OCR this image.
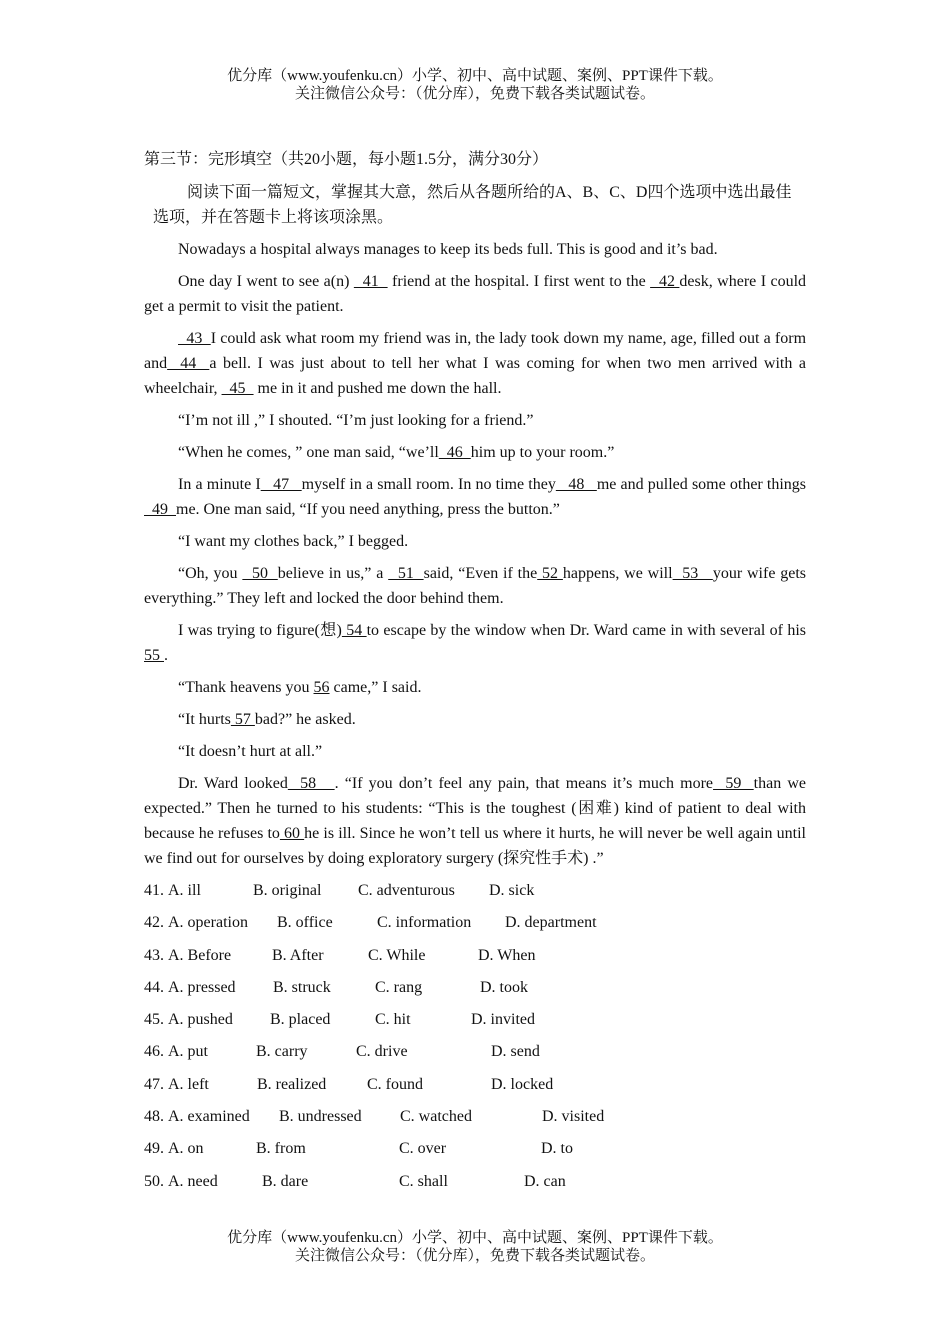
优分库（www.youfenku.cn）小学、初中、高中试题、案例、PPT课件下载。
关注微信公众号：（优分库），免费下载各类试题试卷。
第三节：完形填空（共20小题，每小题1.5分，满分30分）
阅读下面一篇短文，掌握其大意，然后从各题所给的A、B、C、D四个选项中选出最佳选项，并在答题卡上将该项涂黑。

Nowadays a hospital always manages to keep its beds full. This is good and it’s bad.

One day I went to see a(n)   41   friend at the hospital. I first went to the   42 desk, where I could get a permit to visit the patient.

43  I could ask what room my friend was in, the lady took down my name, age, filled out a form and  44  a bell. I was just about to tell her what I was coming for when two men arrived with a wheelchair,   45   me in it and pushed me down the hall.

“I’m not ill ,” I shouted. “I’m just looking for a friend.”

“When he comes, ” one man said, “we’ll  46  him up to your room.”

In a minute I   47   myself in a small room. In no time they   48   me and pulled some other things  49  me. One man said, “If you need anything, press the button.”

“I want my clothes back,” I begged.

“Oh, you   50  believe in us,” a   51  said, “Even if the 52 happens, we will  53   your wife gets everything.” They left and locked the door behind them.

I was trying to figure(想) 54 to escape by the window when Dr. Ward came in with several of his 55 .

“Thank heavens you 56 came,” I said.

“It hurts 57 bad?” he asked.

“It doesn’t hurt at all.”

Dr. Ward looked  58   . “If you don’t feel any pain, that means it’s much more  59  than we expected.” Then he turned to his students: “This is the toughest (困难) kind of patient to deal with because he refuses to 60 he is ill. Since he won’t tell us where it hurts, he will never be well again until we find out for ourselves by doing exploratory surgery (探究性手术) .”

41. A. ill	B. original	C. adventurous	D. sick
42. A. operation	B. office	C. information	D. department
43. A. Before	B. After	C. While	D. When
44. A. pressed	B. struck	C. rang	D. took
45. A. pushed	B. placed	C. hit	D. invited
46. A. put	B. carry	C. drive	D. send
47. A. left	B. realized	C. found	D. locked
48. A. examined	B. undressed	C. watched	D. visited
49. A. on	B. from	C. over	D. to
50. A. need	B. dare	C. shall	D. can
优分库（www.youfenku.cn）小学、初中、高中试题、案例、PPT课件下载。
关注微信公众号：（优分库），免费下载各类试题试卷。
